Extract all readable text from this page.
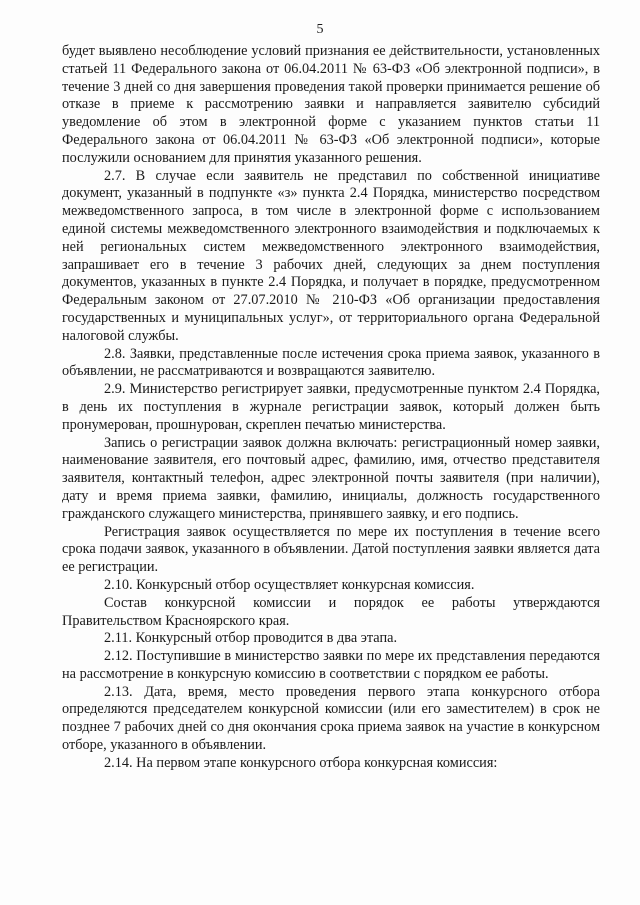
5

будет выявлено несоблюдение условий признания ее действительности, установленных статьей 11 Федерального закона от 06.04.2011 № 63-ФЗ «Об электронной подписи», в течение 3 дней со дня завершения проведения такой проверки принимается решение об отказе в приеме к рассмотрению заявки и направляется заявителю субсидий уведомление об этом в электронной форме с указанием пунктов статьи 11 Федерального закона от 06.04.2011 № 63-ФЗ «Об электронной подписи», которые послужили основанием для принятия указанного решения.

2.7. В случае если заявитель не представил по собственной инициативе документ, указанный в подпункте «з» пункта 2.4 Порядка, министерство посредством межведомственного запроса, в том числе в электронной форме с использованием единой системы межведомственного электронного взаимодействия и подключаемых к ней региональных систем межведомственного электронного взаимодействия, запрашивает его в течение 3 рабочих дней, следующих за днем поступления документов, указанных в пункте 2.4 Порядка, и получает в порядке, предусмотренном Федеральным законом от 27.07.2010 № 210-ФЗ «Об организации предоставления государственных и муниципальных услуг», от территориального органа Федеральной налоговой службы.

2.8. Заявки, представленные после истечения срока приема заявок, указанного в объявлении, не рассматриваются и возвращаются заявителю.

2.9. Министерство регистрирует заявки, предусмотренные пунктом 2.4 Порядка, в день их поступления в журнале регистрации заявок, который должен быть пронумерован, прошнурован, скреплен печатью министерства.

Запись о регистрации заявок должна включать: регистрационный номер заявки, наименование заявителя, его почтовый адрес, фамилию, имя, отчество представителя заявителя, контактный телефон, адрес электронной почты заявителя (при наличии), дату и время приема заявки, фамилию, инициалы, должность государственного гражданского служащего министерства, принявшего заявку, и его подпись.

Регистрация заявок осуществляется по мере их поступления в течение всего срока подачи заявок, указанного в объявлении. Датой поступления заявки является дата ее регистрации.

2.10. Конкурсный отбор осуществляет конкурсная комиссия.

Состав конкурсной комиссии и порядок ее работы утверждаются Правительством Красноярского края.

2.11. Конкурсный отбор проводится в два этапа.

2.12. Поступившие в министерство заявки по мере их представления передаются на рассмотрение в конкурсную комиссию в соответствии с порядком ее работы.

2.13. Дата, время, место проведения первого этапа конкурсного отбора определяются председателем конкурсной комиссии (или его заместителем) в срок не позднее 7 рабочих дней со дня окончания срока приема заявок на участие в конкурсном отборе, указанного в объявлении.

2.14. На первом этапе конкурсного отбора конкурсная комиссия:
